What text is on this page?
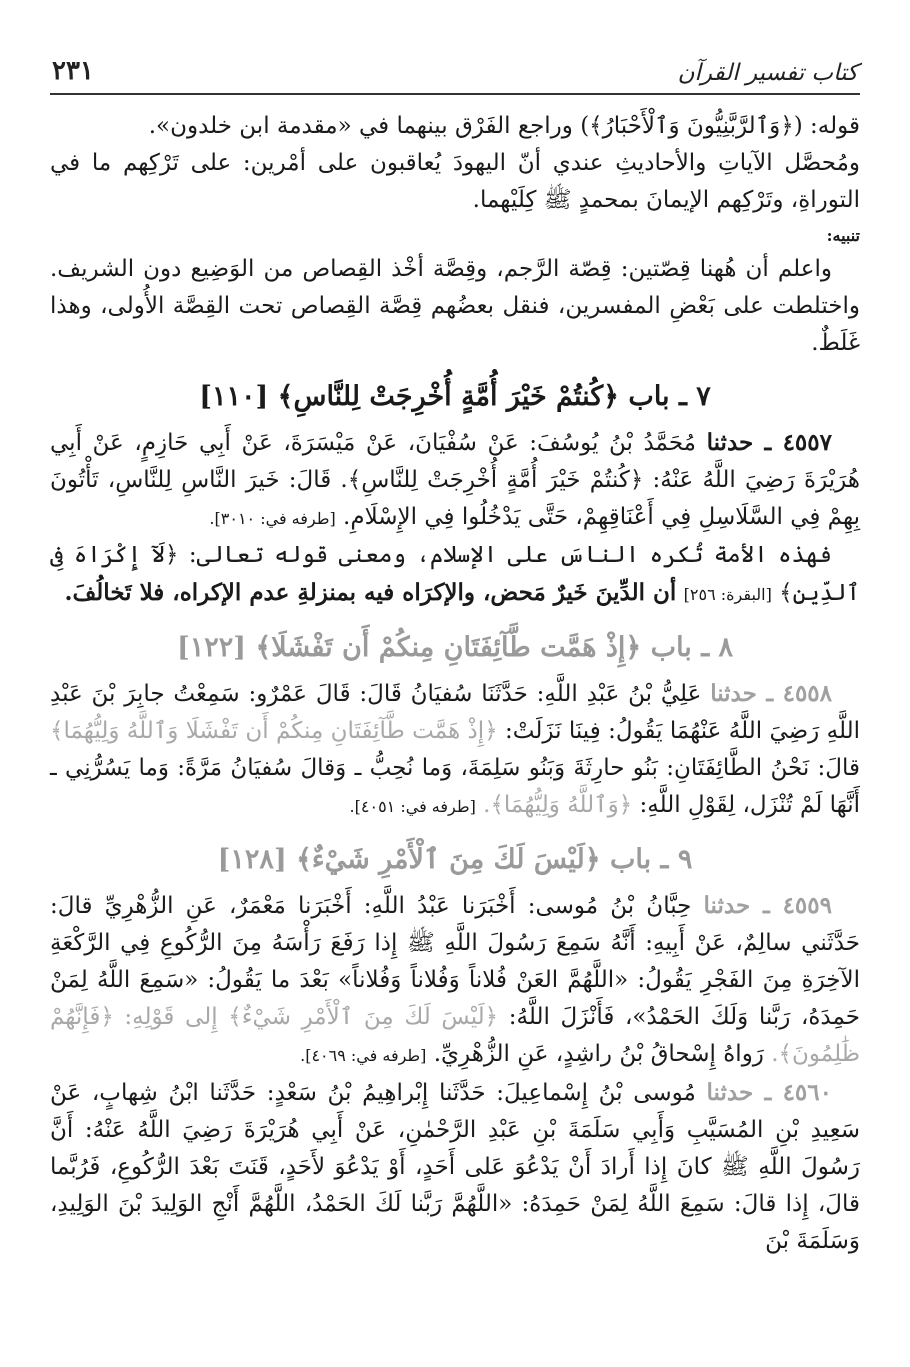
كتاب تفسير القرآن
٢٣١

قوله: (﴿وَٱلرَّبَّنِيُّونَ وَٱلْأَحْبَارُ﴾) وراجع الفَرْق بينهما في «مقدمة ابن خلدون».

ومُحصَّل الآياتِ والأحاديثِ عندي أنّ اليهودَ يُعاقبون على أمْرين: على تَرْكِهم ما في التوراةِ، وتَرْكِهم الإيمانَ بمحمدٍ ﷺ كِلَيْهما.

تنبيه:

واعلم أن هُهنا قِصّتين: قِصّة الرَّجم، وقِصَّة أخْذ القِصاص من الوَضِيع دون الشريف. واختلطت على بَعْضِ المفسرين، فنقل بعضُهم قِصَّة القِصاص تحت القِصَّة الأُولى، وهذا غَلَطٌ.

٧ ـ باب ﴿كُنتُمْ خَيْرَ أُمَّةٍ أُخْرِجَتْ لِلنَّاسِ﴾ [١١٠]

٤٥٥٧ ـ حدثنا مُحَمَّدُ بْنُ يُوسُفَ: عَنْ سُفْيَانَ، عَنْ مَيْسَرَةَ، عَنْ أَبِي حَازِمٍ، عَنْ أَبِي هُرَيْرَةَ رَضِيَ اللَّهُ عَنْهُ: ﴿كُنتُمْ خَيْرَ أُمَّةٍ أُخْرِجَتْ لِلنَّاسِ﴾. قَالَ: خَيرَ النَّاسِ لِلنَّاسِ، تَأْتُونَ بِهِمْ فِي السَّلَاسِلِ فِي أَعْنَاقِهِمْ، حَتَّى يَدْخُلُوا فِي الإِسْلَامِ. [طرفه في: ٣٠١٠].

فهذه الأمة تُكره الناسَ على الإسلام، ومعنى قوله تعالى: ﴿لَآ إِكْرَاهَ فِى ٱلدِّينِ﴾ [البقرة: ٢٥٦] أن الدِّينَ خَيرٌ مَحض، والإكرَاه فيه بمنزلةِ عدم الإكراه، فلا تَخالُفَ.

٨ ـ باب ﴿إِذْ هَمَّت طَّآئِفَتَانِ مِنكُمْ أَن تَفْشَلَا﴾ [١٢٢]

٤٥٥٨ ـ حدثنا عَلِيُّ بْنُ عَبْدِ اللَّهِ: حَدَّثَنَا سُفيَانُ قَالَ: قَالَ عَمْرٌو: سَمِعْتُ جابِرَ بْنَ عَبْدِ اللَّهِ رَضِيَ اللَّهُ عَنْهُمَا يَقُولُ: فِينَا نَزَلَتْ: ﴿إِذْ هَمَّت طَّآئِفَتَانِ مِنكُمْ أَن تَفْشَلَا وَٱللَّهُ وَلِيُّهُمَا﴾ قالَ: نَحْنُ الطَّائِفَتَانِ: بَنُو حارِثَةَ وَبَنُو سَلِمَةَ، وَما نُحِبُّ ـ وَقالَ سُفيَانُ مَرَّةً: وَما يَسُرُّنِي ـ أَنَّهَا لَمْ تُنْزَل، لِقَوْلِ اللَّهِ: ﴿وَٱللَّهُ وَلِيُّهُمَا﴾. [طرفه في: ٤٠٥١].

٩ ـ باب ﴿لَيْسَ لَكَ مِنَ ٱلْأَمْرِ شَيْءٌ﴾ [١٢٨]

٤٥٥٩ ـ حدثنا حِبَّانُ بْنُ مُوسى: أَخْبَرَنا عَبْدُ اللَّهِ: أَخْبَرَنا مَعْمَرٌ، عَنِ الزُّهْرِيِّ قالَ: حَدَّثَني سالِمٌ، عَنْ أَبِيهِ: أَنَّهُ سَمِعَ رَسُولَ اللَّهِ ﷺ إِذا رَفَعَ رَأْسَهُ مِنَ الرُّكُوعِ فِي الرَّكْعَةِ الآخِرَةِ مِنَ الفَجْرِ يَقُولُ: «اللَّهُمَّ العَنْ فُلاناً وَفُلاناً وَفُلاناً» بَعْدَ ما يَقُولُ: «سَمِعَ اللَّهُ لِمَنْ حَمِدَهُ، رَبَّنا وَلَكَ الحَمْدُ»، فَأَنْزَلَ اللَّهُ: ﴿لَيْسَ لَكَ مِنَ ٱلْأَمْرِ شَيْءٌ﴾ إِلى قَوْلِهِ: ﴿فَإِنَّهُمْ ظَٰلِمُونَ﴾. رَواهُ إِسْحاقُ بْنُ راشِدٍ، عَنِ الزُّهْرِيِّ. [طرفه في: ٤٠٦٩].

٤٥٦٠ ـ حدثنا مُوسى بْنُ إِسْماعِيلَ: حَدَّثَنا إِبْراهِيمُ بْنُ سَعْدٍ: حَدَّثَنا ابْنُ شِهابٍ، عَنْ سَعِيدِ بْنِ المُسَيَّبِ وَأَبِي سَلَمَةَ بْنِ عَبْدِ الرَّحْمٰنِ، عَنْ أَبِي هُرَيْرَةَ رَضِيَ اللَّهُ عَنْهُ: أَنَّ رَسُولَ اللَّهِ ﷺ كانَ إِذا أَرادَ أَنْ يَدْعُوَ عَلى أَحَدٍ، أَوْ يَدْعُوَ لأَحَدٍ، قَنَتَ بَعْدَ الرُّكُوعِ، فَرُبَّما قالَ، إِذا قالَ: سَمِعَ اللَّهُ لِمَنْ حَمِدَهُ: «اللَّهُمَّ رَبَّنا لَكَ الحَمْدُ، اللَّهُمَّ أَنْجِ الوَلِيدَ بْنَ الوَلِيدِ، وَسَلَمَةَ بْنَ
